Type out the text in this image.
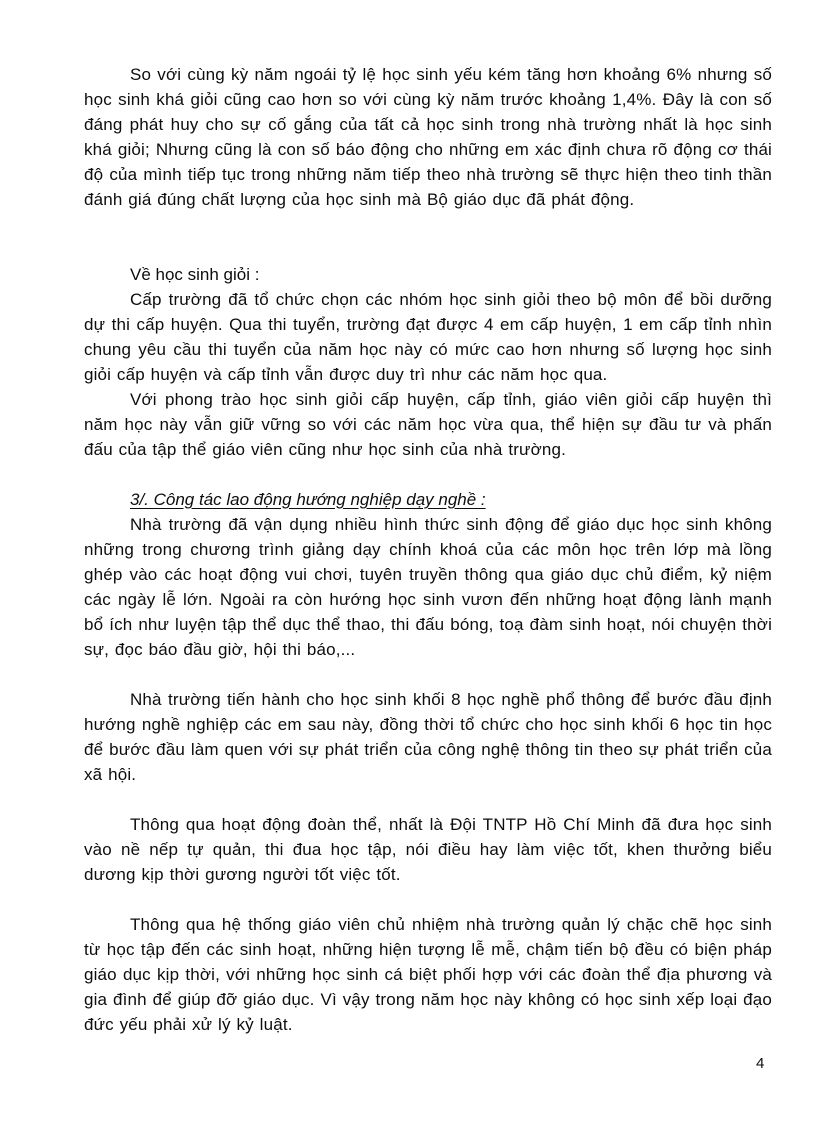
So với cùng kỳ năm ngoái tỷ lệ học sinh yếu kém tăng hơn khoảng 6% nhưng số học sinh khá giỏi cũng cao hơn so với cùng kỳ năm trước khoảng 1,4%. Đây là con số đáng phát huy cho sự cố gắng của tất cả học sinh trong nhà trường nhất là học sinh khá giỏi; Nhưng cũng là con số báo động cho những em xác định chưa rõ động cơ thái độ của mình tiếp tục trong những năm tiếp theo nhà trường sẽ thực hiện theo tinh thần đánh giá đúng chất lượng của học sinh mà Bộ giáo dục đã phát động.

Về học sinh giỏi :

Cấp trường đã tổ chức chọn các nhóm học sinh giỏi theo bộ môn để bồi dưỡng dự thi cấp huyện. Qua thi tuyển, trường đạt được 4 em cấp huyện, 1 em cấp tỉnh nhìn chung yêu cầu thi tuyển của năm học này có mức cao hơn nhưng số lượng học sinh giỏi cấp huyện và cấp tỉnh vẫn được duy trì như các năm học qua.

Với phong trào học sinh giỏi cấp huyện, cấp tỉnh, giáo viên giỏi cấp huyện thì năm học này vẫn giữ vững so với các năm học vừa qua, thể hiện sự đầu tư và phấn đấu của tập thể giáo viên cũng như học sinh của nhà trường.

3/. Công tác lao động hướng nghiệp dạy nghề :

Nhà trường đã vận dụng nhiều hình thức sinh động để giáo dục học sinh không những trong chương trình giảng dạy chính khoá của các môn học trên lớp mà lồng ghép vào các hoạt động vui chơi, tuyên truyền thông qua giáo dục chủ điểm, kỷ niệm các ngày lễ lớn. Ngoài ra còn hướng học sinh vươn đến những hoạt động lành mạnh bổ ích như luyện tập thể dục thể thao, thi đấu bóng, toạ đàm sinh hoạt, nói chuyện thời sự, đọc báo đầu giờ, hội thi báo,...

Nhà trường tiến hành cho học sinh khối 8 học nghề phổ thông để bước đầu định hướng nghề nghiệp các em sau này, đồng thời tổ chức cho học sinh khối 6 học tin học để bước đầu làm quen với sự phát triển của công nghệ thông tin theo sự phát triển của xã hội.

Thông qua hoạt động đoàn thể, nhất là Đội TNTP Hồ Chí Minh đã đưa học sinh vào nề nếp tự quản, thi đua học tập, nói điều hay làm việc tốt, khen thưởng biểu dương kịp thời gương người tốt việc tốt.

Thông qua hệ thống giáo viên chủ nhiệm nhà trường quản lý chặc chẽ học sinh từ học tập đến các sinh hoạt, những hiện tượng lễ mễ, chậm tiến bộ đều có biện pháp giáo dục kịp thời, với những học sinh cá biệt phối hợp với các đoàn thể địa phương và gia đình để giúp đỡ giáo dục. Vì vậy trong năm học này không có học sinh xếp loại đạo đức yếu phải xử lý kỷ luật.

4
